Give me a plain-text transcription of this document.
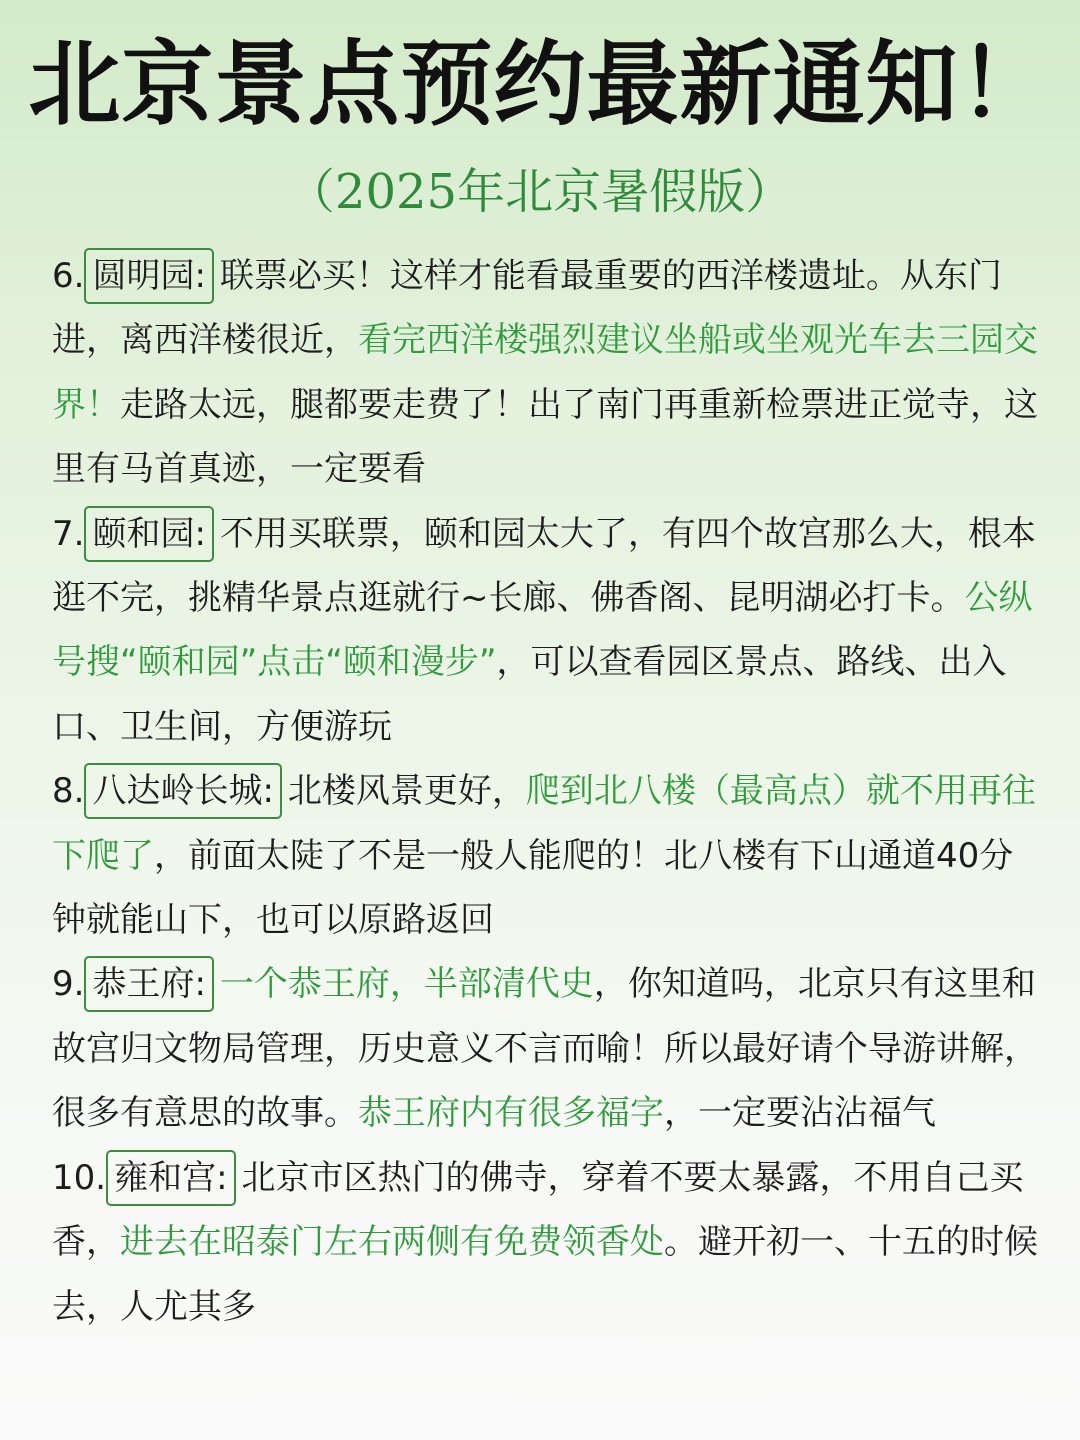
北京景点预约最新通知！
（2025年北京暑假版）
6. 圆明园: 联票必买！这样才能看最重要的西洋楼遗址。从东门进，离西洋楼很近，看完西洋楼强烈建议坐船或坐观光车去三园交界！走路太远，腿都要走费了！出了南门再重新检票进正觉寺，这里有马首真迹，一定要看
7. 颐和园: 不用买联票，颐和园太大了，有四个故宫那么大，根本逛不完，挑精华景点逛就行~长廊、佛香阁、昆明湖必打卡。公纵号搜“颐和园”点击“颐和漫步”，可以查看园区景点、路线、出入口、卫生间，方便游玩
8. 八达岭长城: 北楼风景更好，爬到北八楼（最高点）就不用再往下爬了，前面太陡了不是一般人能爬的！北八楼有下山通道40分钟就能山下，也可以原路返回
9. 恭王府: 一个恭王府，半部清代史，你知道吗，北京只有这里和故宫归文物局管理，历史意义不言而喻！所以最好请个导游讲解，很多有意思的故事。恭王府内有很多福字，一定要沾沾福气
10. 雍和宫: 北京市区热门的佛寺，穿着不要太暴露，不用自己买香，进去在昭泰门左右两侧有免费领香处。避开初一、十五的时候去，人尤其多
